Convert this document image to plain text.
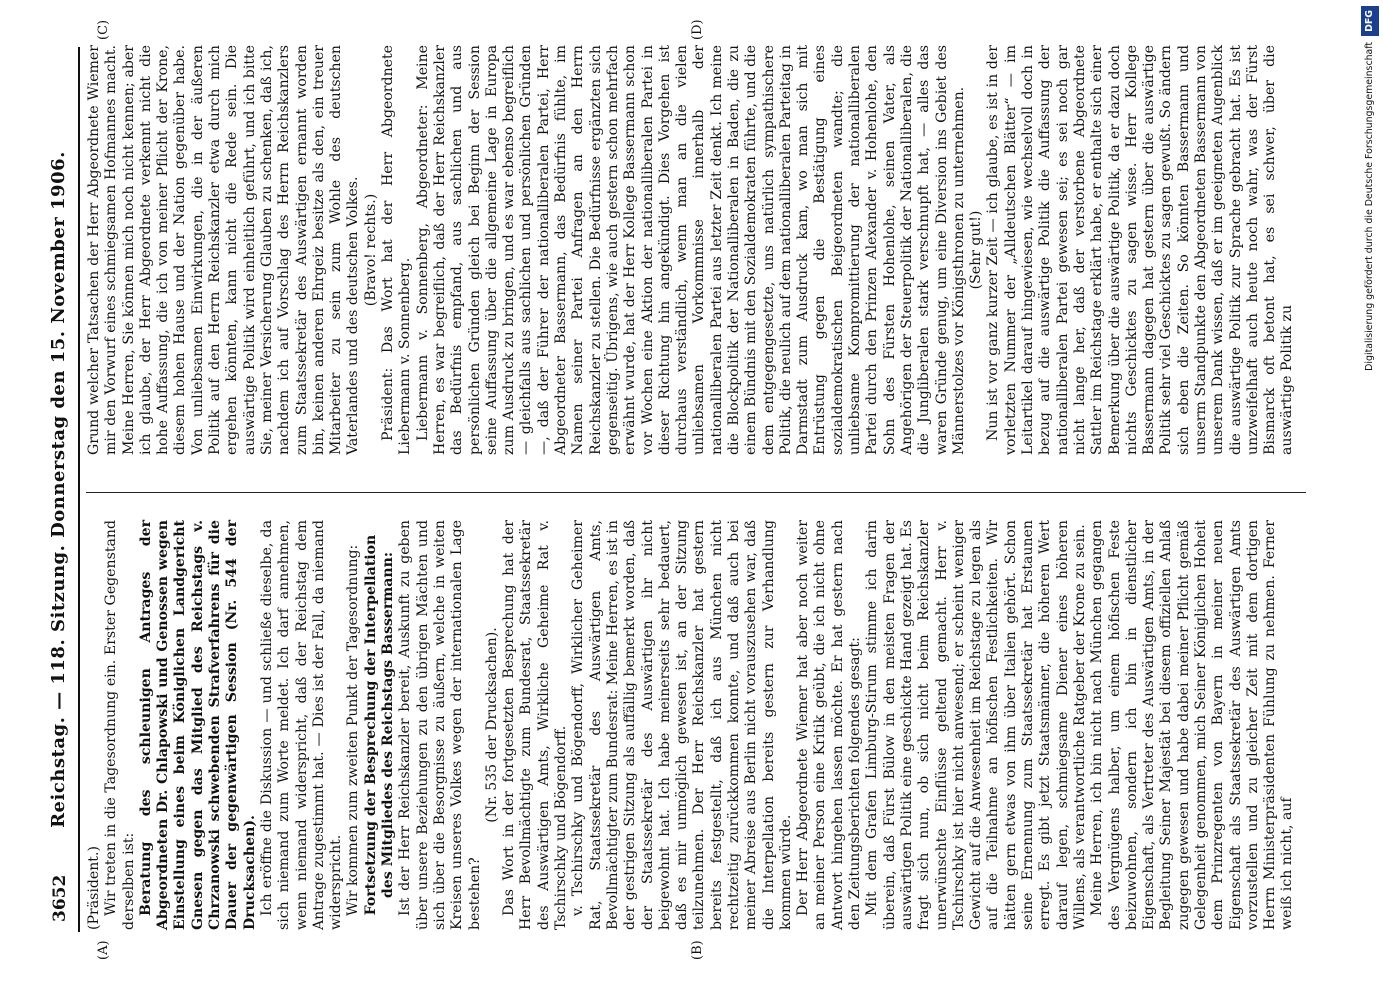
3652
Reichstag. — 118. Sitzung. Donnerstag den 15. November 1906.
(A)	(B)
(C)	(D)

(Präsident.) Wir treten in die Tagesordnung ein. Erster Gegenstand derselben ist: Beratung des schleunigen Antrages der Abgeordneten Dr. Chlapowski und Genossen wegen Einstellung eines beim Königlichen Landgericht Gnesen gegen das Mitglied des Reichstags v. Chrzanowski schwebenden Strafverfahrens für die Dauer der gegenwärtigen Session (Nr. 544 der Drucksachen). Ich eröffne die Diskussion — und schließe dieselbe, da sich niemand zum Worte meldet. Ich darf annehmen, wenn niemand widerspricht, daß der Reichstag dem Antrage zugestimmt hat. — Dies ist der Fall, da niemand widerspricht. Wir kommen zum zweiten Punkt der Tagesordnung: Fortsetzung der Besprechung der Interpellation des Mitgliedes des Reichstags Bassermann: Ist der Herr Reichskanzler bereit, Auskunft zu geben über unsere Beziehungen zu den übrigen Mächten und sich über die Besorgnisse zu äußern, welche in weiten Kreisen unseres Volkes wegen der internationalen Lage bestehen?

(Nr. 535 der Drucksachen). Das Wort in der fortgesetzten Besprechung hat der Herr Bevollmächtigte zum Bundesrat, Staatssekretär des Auswärtigen Amts, Wirkliche Geheime Rat v. Tschirschky und Bögendorff. v. Tschirschky und Bögendorff, Wirklicher Geheimer Rat, Staatssekretär des Auswärtigen Amts, Bevollmächtigter zum Bundesrat: Meine Herren, es ist in der gestrigen Sitzung als auffällig bemerkt worden, daß der Staatssekretär des Auswärtigen ihr nicht beigewohnt hat. Ich habe meinerseits sehr bedauert, daß es mir unmöglich gewesen ist, an der Sitzung teilzunehmen. Der Herr Reichskanzler hat gestern bereits festgestellt, daß ich aus München nicht rechtzeitig zurückkommen konnte, und daß auch bei meiner Abreise aus Berlin nicht vorauszusehen war, daß die Interpellation bereits gestern zur Verhandlung kommen würde. Der Herr Abgeordnete Wiemer hat aber noch weiter an meiner Person eine Kritik geübt, die ich nicht ohne Antwort hingehen lassen möchte. Er hat gestern nach den Zeitungsberichten folgendes gesagt: Mit dem Grafen Limburg-Stirum stimme ich darin überein, daß Fürst Bülow in den meisten Fragen der auswärtigen Politik eine geschickte Hand gezeigt hat. Es fragt sich nun, ob sich nicht beim Reichskanzler unerwünschte Einflüsse geltend gemacht. Herr v. Tschirschky ist hier nicht anwesend; er scheint weniger Gewicht auf die Anwesenheit im Reichstage zu legen als auf die Teilnahme an höfischen Festlichkeiten. Wir hätten gern etwas von ihm über Italien gehört. Schon seine Ernennung zum Staatssekretär hat Erstaunen erregt. Es gibt jetzt Staatsmänner, die höheren Wert darauf legen, schmiegsame Diener eines höheren Willens, als verantwortliche Ratgeber der Krone zu sein. Meine Herren, ich bin nicht nach München gegangen des Vergnügens halber, um einem höfischen Feste beizuwohnen, sondern ich bin in dienstlicher Eigenschaft, als Vertreter des Auswärtigen Amts, in der Begleitung Seiner Majestät bei diesem offiziellen Anlaß zugegen gewesen und habe dabei meiner Pflicht gemäß Gelegenheit genommen, mich Seiner Königlichen Hoheit dem Prinzregenten von Bayern in meiner neuen Eigenschaft als Staatssekretär des Auswärtigen Amts vorzustellen und zu gleicher Zeit mit dem dortigen Herrn Ministerpräsidenten Fühlung zu nehmen. Ferner weiß ich nicht, auf

Grund welcher Tatsachen der Herr Abgeordnete Wiemer mir den Vorwurf eines schmiegsamen Hofmannes macht. Meine Herren, Sie können mich noch nicht kennen; aber ich glaube, der Herr Abgeordnete verkennt nicht die hohe Auffassung, die ich von meiner Pflicht der Krone, diesem hohen Hause und der Nation gegenüber habe. Von unliebsamen Einwirkungen, die in der äußeren Politik auf den Herrn Reichskanzler etwa durch mich ergehen könnten, kann nicht die Rede sein. Die auswärtige Politik wird einheitlich geführt, und ich bitte Sie, meiner Versicherung Glauben zu schenken, daß ich, nachdem ich auf Vorschlag des Herrn Reichskanzlers zum Staatssekretär des Auswärtigen ernannt worden bin, keinen anderen Ehrgeiz besitze als den, ein treuer Mitarbeiter zu sein zum Wohle des deutschen Vaterlandes und des deutschen Volkes. (Bravo! rechts.) Präsident: Das Wort hat der Herr Abgeordnete Liebermann v. Sonnenberg. Liebermann v. Sonnenberg, Abgeordneter: Meine Herren, es war begreiflich, daß der Herr Reichskanzler das Bedürfnis empfand, aus sachlichen und aus persönlichen Gründen gleich bei Beginn der Session seine Auffassung über die allgemeine Lage in Europa zum Ausdruck zu bringen, und es war ebenso begreiflich — gleichfalls aus sachlichen und persönlichen Gründen —, daß der Führer der nationalliberalen Partei, Herr Abgeordneter Bassermann, das Bedürfnis fühlte, im Namen seiner Partei Anfragen an den Herrn Reichskanzler zu stellen. Die Bedürfnisse ergänzten sich gegenseitig. Übrigens, wie auch gestern schon mehrfach erwähnt wurde, hat der Herr Kollege Bassermann schon vor Wochen eine Aktion der nationalliberalen Partei in dieser Richtung hin angekündigt. Dies Vorgehen ist durchaus verständlich, wenn man an die vielen unliebsamen Vorkommnisse innerhalb der nationalliberalen Partei aus letzter Zeit denkt. Ich meine die Blockpolitik der Nationalliberalen in Baden, die zu einem Bündnis mit den Sozialdemokraten führte, und die dem entgegengesetzte, uns natürlich sympathischere Politik, die neulich auf dem nationalliberalen Parteitag in Darmstadt zum Ausdruck kam, wo man sich mit Entrüstung gegen die Bestätigung eines sozialdemokratischen Beigeordneten wandte; die unliebsame Kompromittierung der nationalliberalen Partei durch den Prinzen Alexander v. Hohenlohe, den Sohn des Fürsten Hohenlohe, seinen Vater, als Angehörigen der Steuerpolitik der Nationalliberalen, die die Jungliberalen stark verschnupft hat, — alles das waren Gründe genug, um eine Diversion ins Gebiet des Männerstolzes vor Königsthronen zu unternehmen. (Sehr gut!) Nun ist vor ganz kurzer Zeit — ich glaube, es ist in der vorletzten Nummer der „Alldeutschen Blätter“ — im Leitartikel darauf hingewiesen, wie wechselvoll doch in bezug auf die auswärtige Politik die Auffassung der nationalliberalen Partei gewesen sei; es sei noch gar nicht lange her, daß der verstorbene Abgeordnete Sattler im Reichstage erklärt habe, er enthalte sich einer Bemerkung über die auswärtige Politik, da er dazu doch nichts Geschicktes zu sagen wisse. Herr Kollege Bassermann dagegen hat gestern über die auswärtige Politik sehr viel Geschicktes zu sagen gewußt. So ändern sich eben die Zeiten. So könnten Bassermann und unserm Standpunkte den Abgeordneten Bassermann von unserem Dank wissen, daß er im geeigneten Augenblick die auswärtige Politik zur Sprache gebracht hat. Es ist unzweifelhaft auch heute noch wahr, was der Fürst Bismarck oft betont hat, es sei schwer, über die auswärtige Politik zu

Digitalisierung gefördert durch die Deutsche Forschungsgemeinschaft
DFG
